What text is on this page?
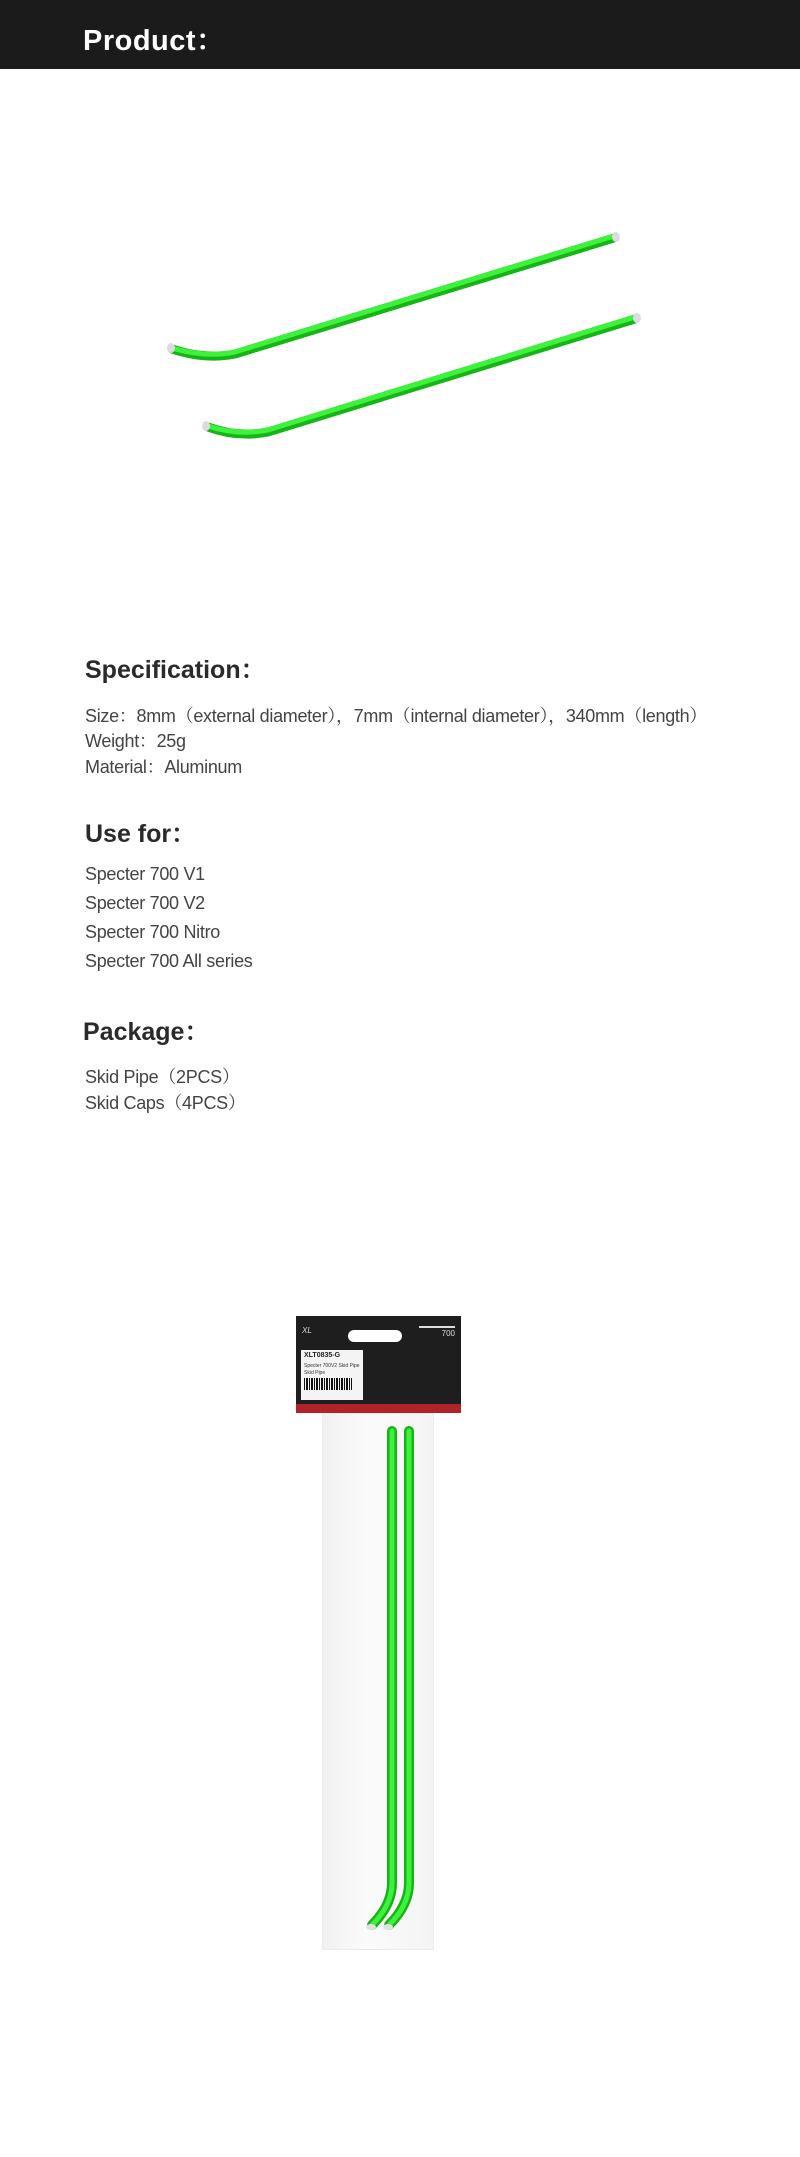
Product：
Specification：
Size：8mm（external diameter），7mm（internal diameter），340mm（length）
Weight：25g
Material：Aluminum
Use for：
Specter 700 V1
Specter 700 V2
Specter 700 Nitro
Specter 700 All series
Package：
Skid Pipe（2PCS）
Skid Caps（4PCS）
XL	700
XLT0835-G
Specter 700V2 Skid Pipe
Skid Pipe
